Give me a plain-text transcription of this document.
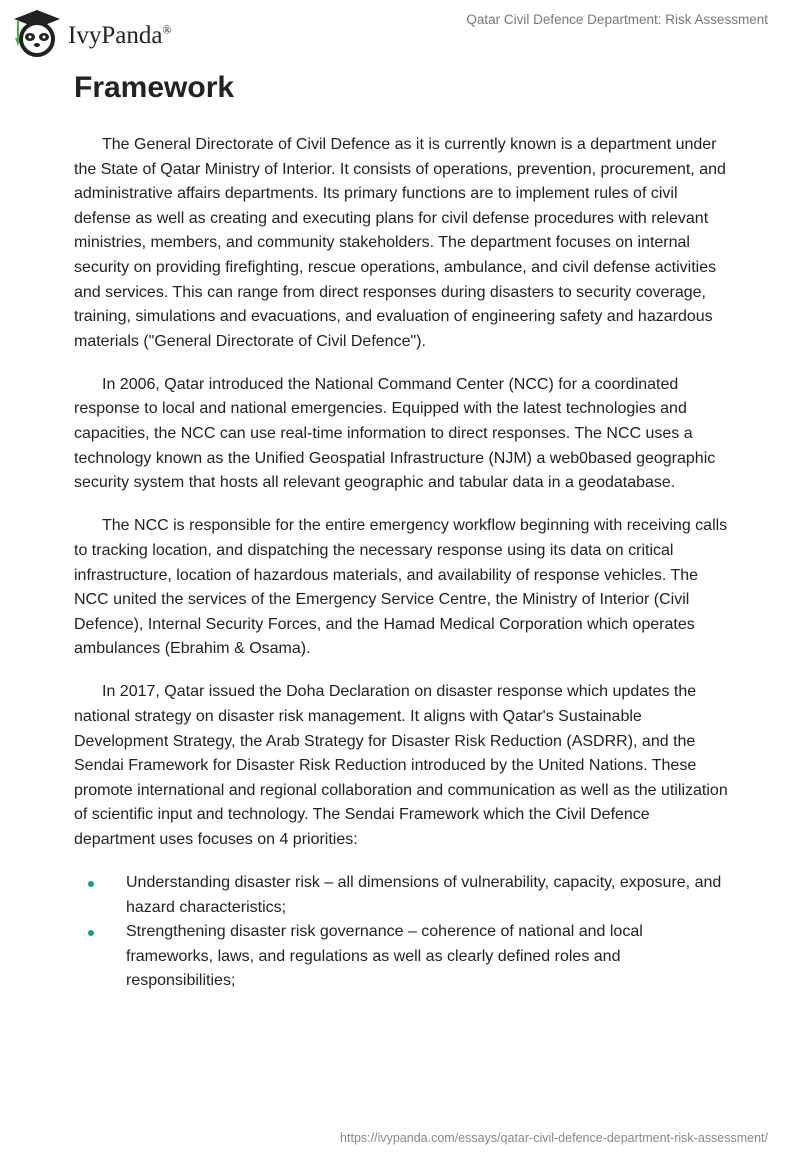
IvyPanda®
Qatar Civil Defence Department: Risk Assessment
Framework

The General Directorate of Civil Defence as it is currently known is a department under the State of Qatar Ministry of Interior. It consists of operations, prevention, procurement, and administrative affairs departments. Its primary functions are to implement rules of civil defense as well as creating and executing plans for civil defense procedures with relevant ministries, members, and community stakeholders. The department focuses on internal security on providing firefighting, rescue operations, ambulance, and civil defense activities and services. This can range from direct responses during disasters to security coverage, training, simulations and evacuations, and evaluation of engineering safety and hazardous materials ("General Directorate of Civil Defence").

In 2006, Qatar introduced the National Command Center (NCC) for a coordinated response to local and national emergencies. Equipped with the latest technologies and capacities, the NCC can use real-time information to direct responses. The NCC uses a technology known as the Unified Geospatial Infrastructure (NJM) a web0based geographic security system that hosts all relevant geographic and tabular data in a geodatabase.

The NCC is responsible for the entire emergency workflow beginning with receiving calls to tracking location, and dispatching the necessary response using its data on critical infrastructure, location of hazardous materials, and availability of response vehicles. The NCC united the services of the Emergency Service Centre, the Ministry of Interior (Civil Defence), Internal Security Forces, and the Hamad Medical Corporation which operates ambulances (Ebrahim & Osama).

In 2017, Qatar issued the Doha Declaration on disaster response which updates the national strategy on disaster risk management. It aligns with Qatar's Sustainable Development Strategy, the Arab Strategy for Disaster Risk Reduction (ASDRR), and the Sendai Framework for Disaster Risk Reduction introduced by the United Nations. These promote international and regional collaboration and communication as well as the utilization of scientific input and technology. The Sendai Framework which the Civil Defence department uses focuses on 4 priorities:

Understanding disaster risk – all dimensions of vulnerability, capacity, exposure, and hazard characteristics;
Strengthening disaster risk governance – coherence of national and local frameworks, laws, and regulations as well as clearly defined roles and responsibilities;
https://ivypanda.com/essays/qatar-civil-defence-department-risk-assessment/
